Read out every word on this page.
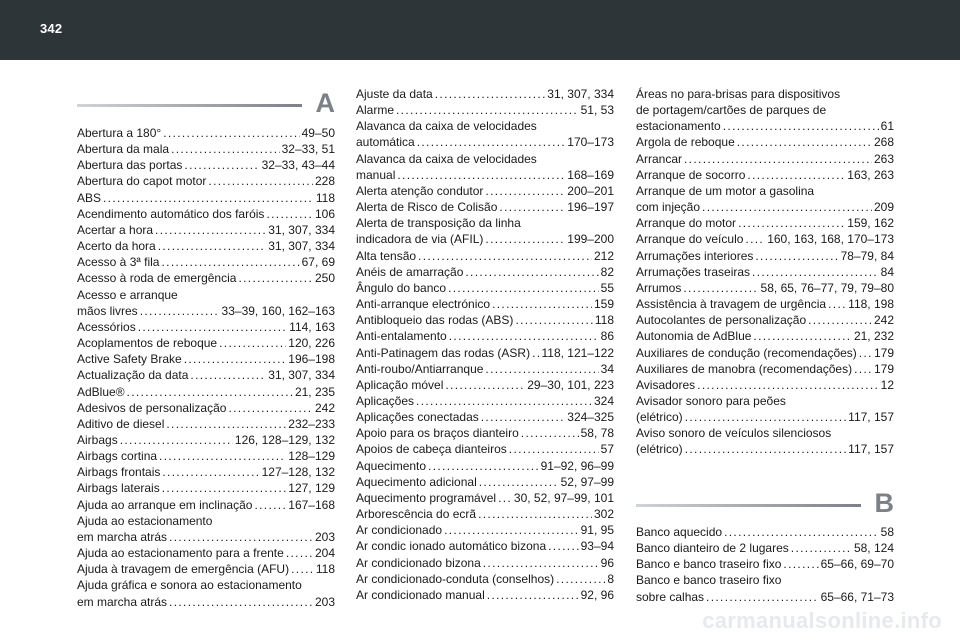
342
A
Abertura a 180° . . .	49–50
Abertura da mala . . .	32–33, 51
Abertura das portas . . .	32–33, 43–44
Abertura do capot motor . . .	228
ABS . . .	118
Acendimento automático dos faróis . . .	106
Acertar a hora . . .	31, 307, 334
Acerto da hora . . .	31, 307, 334
Acesso à 3ª fila . . .	67, 69
Acesso à roda de emergência . . .	250
Acesso e arranque
mãos livres . . .	33–39, 160, 162–163
Acessórios . . .	114, 163
Acoplamentos de reboque . . .	120, 226
Active Safety Brake . . .	196–198
Actualização da data . . .	31, 307, 334
AdBlue® . . .	21, 235
Adesivos de personalização . . .	242
Aditivo de diesel . . .	232–233
Airbags . . .	126, 128–129, 132
Airbags cortina . . .	128–129
Airbags frontais . . .	127–128, 132
Airbags laterais . . .	127, 129
Ajuda ao arranque em inclinação . . .	167–168
Ajuda ao estacionamento
em marcha atrás . . .	203
Ajuda ao estacionamento para a frente . . .	204
Ajuda à travagem de emergência (AFU) . . . 118
Ajuda gráfica e sonora ao estacionamento
em marcha atrás . . .	203
Ajuste da data . . .	31, 307, 334
Alarme . . .	51, 53
Alavanca da caixa de velocidades
automática . . .	170–173
Alavanca da caixa de velocidades
manual . . .	168–169
Alerta atenção condutor . . .	200–201
Alerta de Risco de Colisão . . .	196–197
Alerta de transposição da linha
indicadora de via (AFIL) . . .	199–200
Alta tensão . . .	212
Anéis de amarração . . .	82
Ângulo do banco . . .	55
Anti-arranque electrónico . . .	159
Antibloqueio das rodas (ABS) . . .	118
Anti-entalamento . . .	86
Anti-Patinagem das rodas (ASR) . . . 118, 121–122
Anti-roubo/Antiarranque . . .	34
Aplicação móvel . . .	29–30, 101, 223
Aplicações . . .	324
Aplicações conectadas . . .	324–325
Apoio para os braços dianteiro . . .	58, 78
Apoios de cabeça dianteiros . . .	57
Aquecimento . . .	91–92, 96–99
Aquecimento adicional . . .	52, 97–99
Aquecimento programável . . . 30, 52, 97–99, 101
Arborescência do ecrã . . .	302
Ar condicionado . . .	91, 95
Ar condic ionado automático bizona . . .	93–94
Ar condicionado bizona . . .	96
Ar condicionado-conduta (conselhos) . . .	8
Ar condicionado manual . . .	92, 96
Áreas no para-brisas para dispositivos
de portagem/cartões de parques de
estacionamento . . .	61
Argola de reboque . . .	268
Arrancar . . .	263
Arranque de socorro . . .	163, 263
Arranque de um motor a gasolina
com injeção . . .	209
Arranque do motor . . .	159, 162
Arranque do veículo . . . 160, 163, 168, 170–173
Arrumações interiores . . .	78–79, 84
Arrumações traseiras . . .	84
Arrumos . . .	58, 65, 76–77, 79, 79–80
Assistência à travagem de urgência . . . 118, 198
Autocolantes de personalização . . .	242
Autonomia de AdBlue . . .	21, 232
Auxiliares de condução (recomendações) . . . 179
Auxiliares de manobra (recomendações) . . . 179
Avisadores . . .	12
Avisador sonoro para peões
(elétrico) . . .	117, 157
Aviso sonoro de veículos silenciosos
(elétrico) . . .	117, 157
B
Banco aquecido . . .	58
Banco dianteiro de 2 lugares . . .	58, 124
Banco e banco traseiro fixo . . .	65–66, 69–70
Banco e banco traseiro fixo
sobre calhas . . .	65–66, 71–73
carmanualsonline.info
